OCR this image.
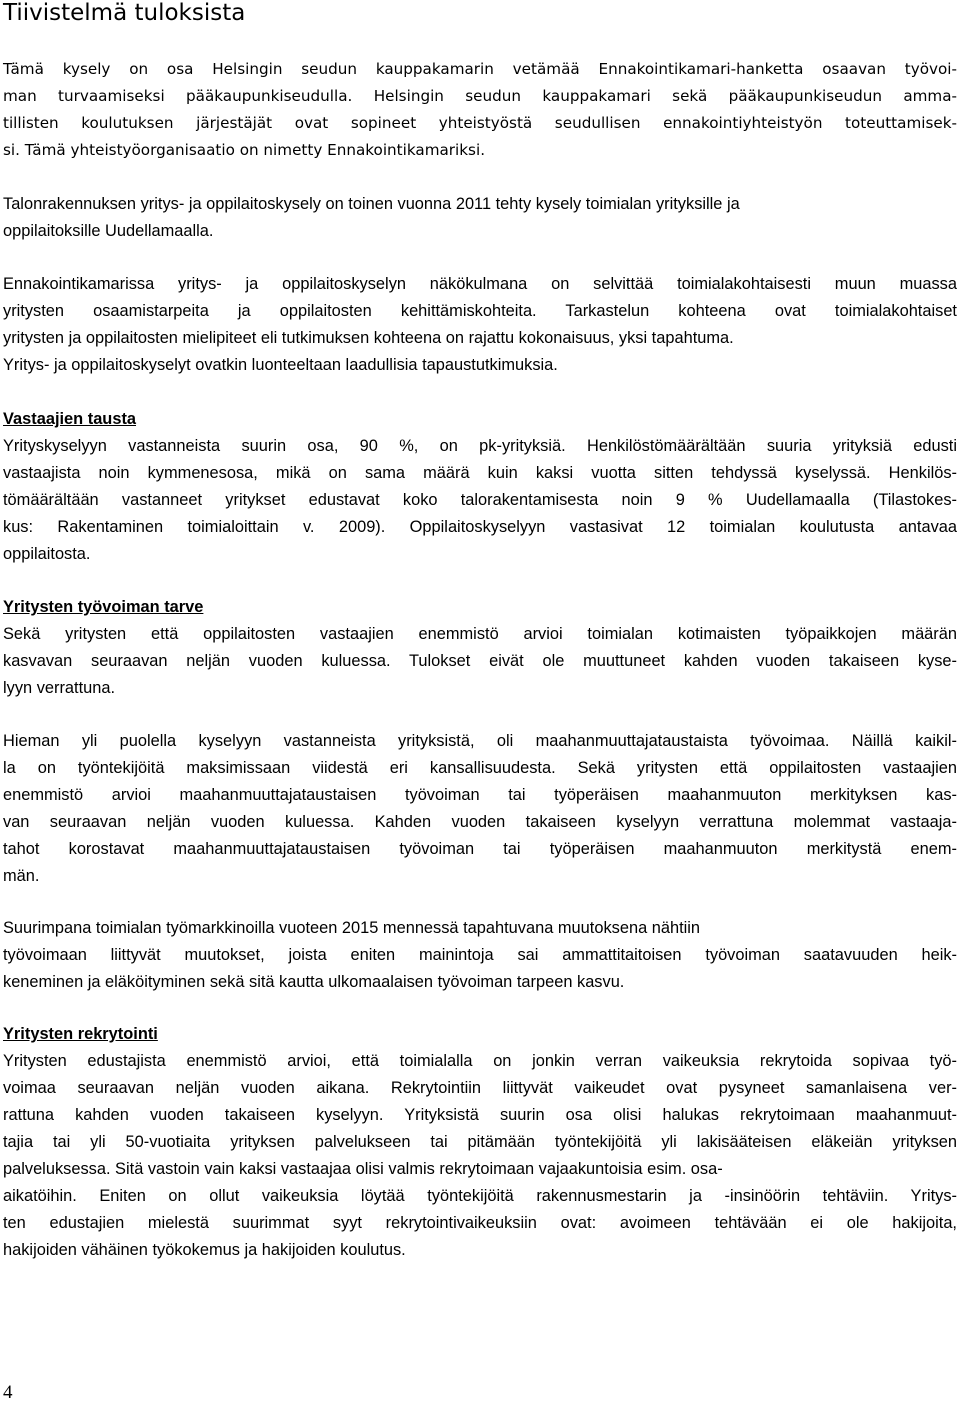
Tiivistelmä tuloksista
Tämä kysely on osa Helsingin seudun kauppakamarin vetämää Ennakointikamari-hanketta osaavan työvoi-
man turvaamiseksi pääkaupunkiseudulla. Helsingin seudun kauppakamari sekä pääkaupunkiseudun amma-
tillisten koulutuksen järjestäjät ovat sopineet yhteistyöstä seudullisen ennakointiyhteistyön toteuttamisek-
si. Tämä yhteistyöorganisaatio on nimetty Ennakointikamariksi.
Talonrakennuksen yritys- ja oppilaitoskysely on toinen vuonna 2011 tehty kysely toimialan yrityksille ja
oppilaitoksille Uudellamaalla.
Ennakointikamarissa yritys- ja oppilaitoskyselyn näkökulmana on selvittää toimialakohtaisesti muun muassa
yritysten osaamistarpeita ja oppilaitosten kehittämiskohteita. Tarkastelun kohteena ovat toimialakohtaiset
yritysten ja oppilaitosten mielipiteet eli tutkimuksen kohteena on rajattu kokonaisuus, yksi tapahtuma.
Yritys- ja oppilaitoskyselyt ovatkin luonteeltaan laadullisia tapaustutkimuksia.
Vastaajien tausta
Yrityskyselyyn vastanneista suurin osa, 90 %, on pk-yrityksiä. Henkilöstömäärältään suuria yrityksiä edusti
vastaajista noin kymmenesosa, mikä on sama määrä kuin kaksi vuotta sitten tehdyssä kyselyssä. Henkilös-
tömäärältään vastanneet yritykset edustavat koko talorakentamisesta noin 9 % Uudellamaalla (Tilastokes-
kus: Rakentaminen toimialoittain v. 2009). Oppilaitoskyselyyn vastasivat 12 toimialan koulutusta antavaa
oppilaitosta.
Yritysten työvoiman tarve
Sekä yritysten että oppilaitosten vastaajien enemmistö arvioi toimialan kotimaisten työpaikkojen määrän
kasvavan seuraavan neljän vuoden kuluessa. Tulokset eivät ole muuttuneet kahden vuoden takaiseen kyse-
lyyn verrattuna.
Hieman yli puolella kyselyyn vastanneista yrityksistä, oli maahanmuuttajataustaista työvoimaa. Näillä kaikil-
la on työntekijöitä maksimissaan viidestä eri kansallisuudesta. Sekä yritysten että oppilaitosten vastaajien
enemmistö arvioi maahanmuuttajataustaisen työvoiman tai työperäisen maahanmuuton merkityksen kas-
van seuraavan neljän vuoden kuluessa. Kahden vuoden takaiseen kyselyyn verrattuna molemmat vastaaja-
tahot korostavat maahanmuuttajataustaisen työvoiman tai työperäisen maahanmuuton merkitystä enem-
män.
Suurimpana toimialan työmarkkinoilla vuoteen 2015 mennessä tapahtuvana muutoksena nähtiin
työvoimaan liittyvät muutokset, joista eniten mainintoja sai ammattitaitoisen työvoiman saatavuuden heik-
keneminen ja eläköityminen sekä sitä kautta ulkomaalaisen työvoiman tarpeen kasvu.
Yritysten rekrytointi
Yritysten edustajista enemmistö arvioi, että toimialalla on jonkin verran vaikeuksia rekrytoida sopivaa työ-
voimaa seuraavan neljän vuoden aikana. Rekrytointiin liittyvät vaikeudet ovat pysyneet samanlaisena ver-
rattuna kahden vuoden takaiseen kyselyyn. Yrityksistä suurin osa olisi halukas rekrytoimaan maahanmuut-
tajia tai yli 50-vuotiaita yrityksen palvelukseen tai pitämään työntekijöitä yli lakisääteisen eläkeiän yrityksen
palveluksessa. Sitä vastoin vain kaksi vastaajaa olisi valmis rekrytoimaan vajaakuntoisia esim. osa-
aikatöihin. Eniten on ollut vaikeuksia löytää työntekijöitä rakennusmestarin ja -insinöörin tehtäviin. Yritys-
ten edustajien mielestä suurimmat syyt rekrytointivaikeuksiin ovat: avoimeen tehtävään ei ole hakijoita,
hakijoiden vähäinen työkokemus ja hakijoiden koulutus.
4
